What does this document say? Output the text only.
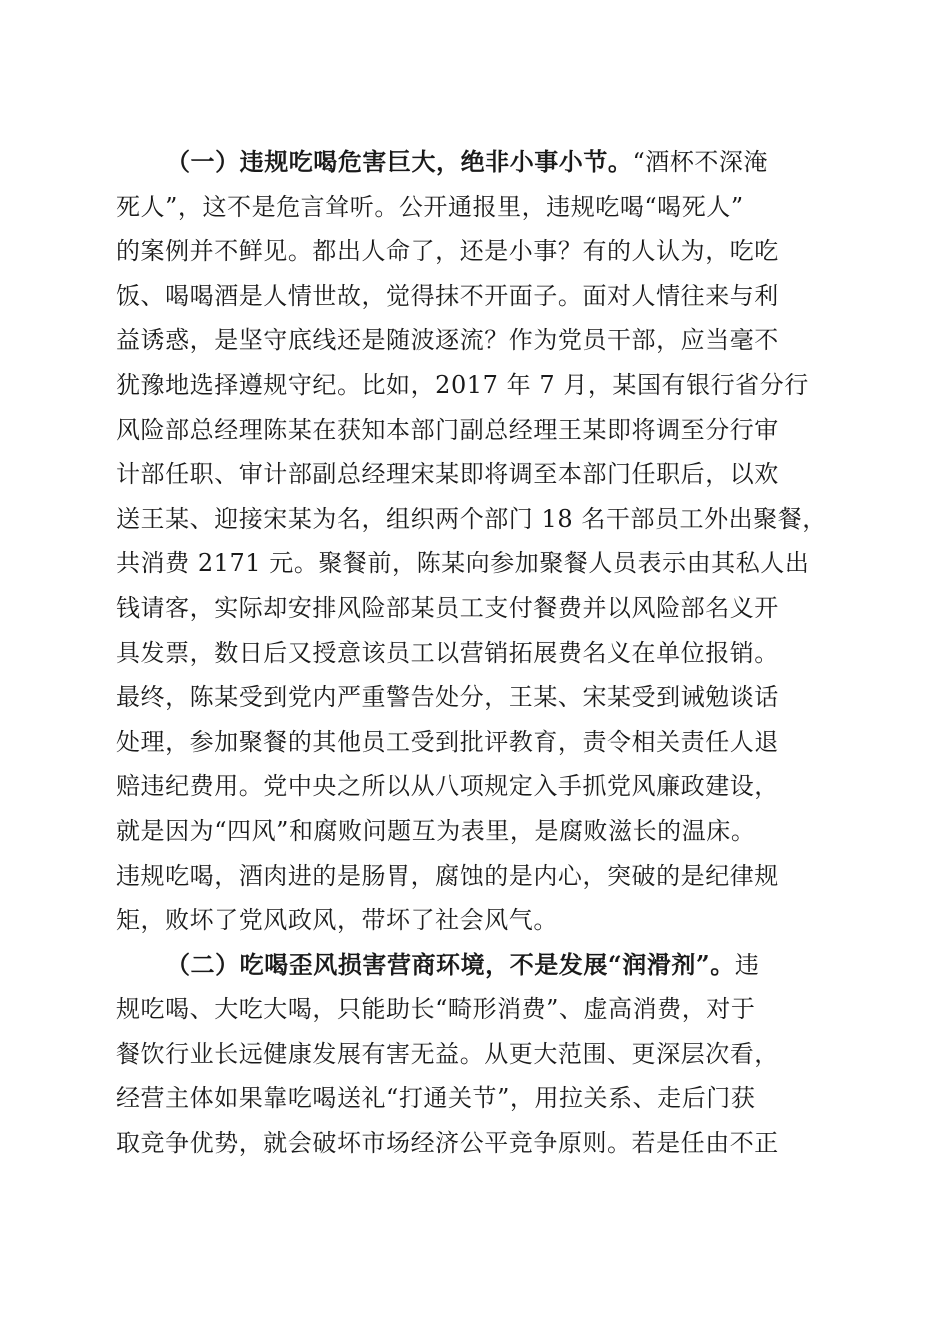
（一）违规吃喝危害巨大，绝非小事小节。“酒杯不深淹
死人”，这不是危言耸听。公开通报里，违规吃喝“喝死人”
的案例并不鲜见。都出人命了，还是小事？有的人认为，吃吃
饭、喝喝酒是人情世故，觉得抹不开面子。面对人情往来与利
益诱惑，是坚守底线还是随波逐流？作为党员干部，应当毫不
犹豫地选择遵规守纪。比如，2017 年 7 月，某国有银行省分行
风险部总经理陈某在获知本部门副总经理王某即将调至分行审
计部任职、审计部副总经理宋某即将调至本部门任职后，以欢
送王某、迎接宋某为名，组织两个部门 18 名干部员工外出聚餐，
共消费 2171 元。聚餐前，陈某向参加聚餐人员表示由其私人出
钱请客，实际却安排风险部某员工支付餐费并以风险部名义开
具发票，数日后又授意该员工以营销拓展费名义在单位报销。
最终，陈某受到党内严重警告处分，王某、宋某受到诫勉谈话
处理，参加聚餐的其他员工受到批评教育，责令相关责任人退
赔违纪费用。党中央之所以从八项规定入手抓党风廉政建设，
就是因为“四风”和腐败问题互为表里，是腐败滋长的温床。
违规吃喝，酒肉进的是肠胃，腐蚀的是内心，突破的是纪律规
矩，败坏了党风政风，带坏了社会风气。
（二）吃喝歪风损害营商环境，不是发展“润滑剂”。违
规吃喝、大吃大喝，只能助长“畸形消费”、虚高消费，对于
餐饮行业长远健康发展有害无益。从更大范围、更深层次看，
经营主体如果靠吃喝送礼“打通关节”，用拉关系、走后门获
取竞争优势，就会破坏市场经济公平竞争原则。若是任由不正
